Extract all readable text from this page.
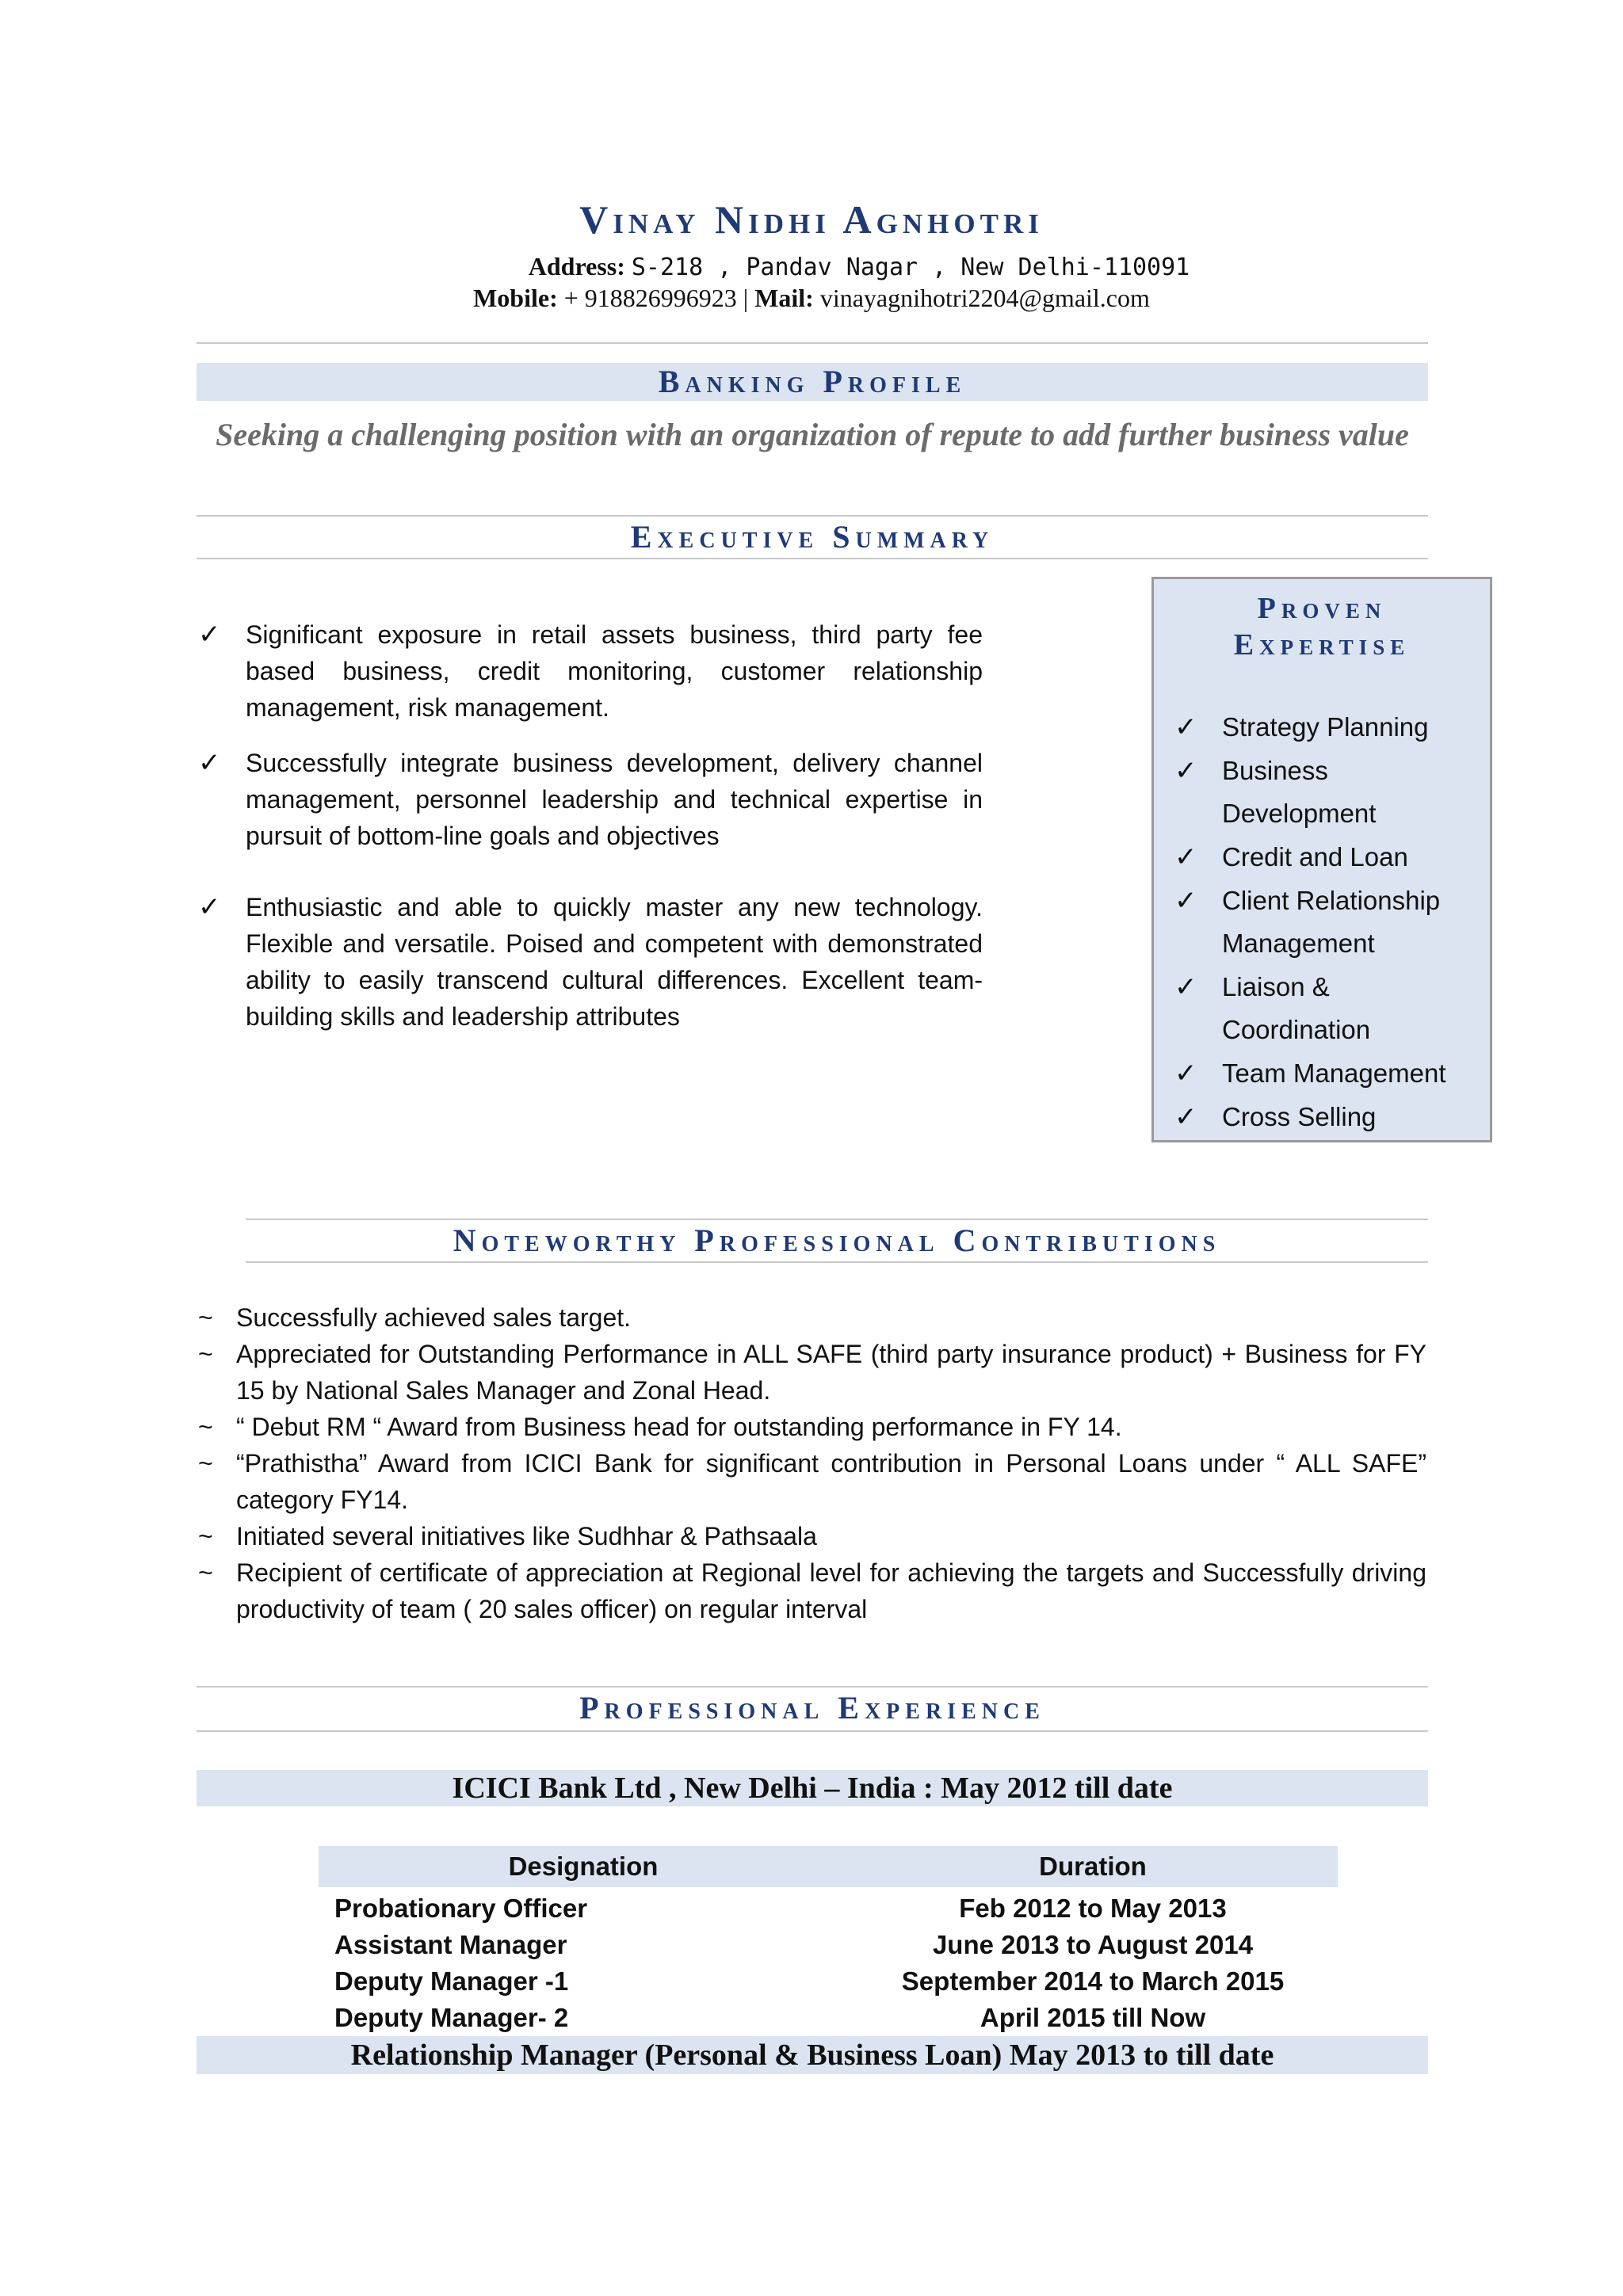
Vinay Nidhi Agnhotri
Address: S-218 , Pandav Nagar , New Delhi-110091
Mobile: + 918826996923 | Mail: vinayagnihotri2204@gmail.com
Banking Profile
Seeking a challenging position with an organization of repute to add further business value
Executive Summary
✓ Significant exposure in retail assets business, third party fee based business, credit monitoring, customer relationship management, risk management.
✓ Successfully integrate business development, delivery channel management, personnel leadership and technical expertise in pursuit of bottom-line goals and objectives
✓ Enthusiastic and able to quickly master any new technology. Flexible and versatile. Poised and competent with demonstrated ability to easily transcend cultural differences. Excellent team-building skills and leadership attributes
Proven
Expertise
✓ Strategy Planning
✓ Business Development
✓ Credit and Loan
✓ Client Relationship Management
✓ Liaison & Coordination
✓ Team Management
✓ Cross Selling
Noteworthy Professional Contributions
~ Successfully achieved sales target.
~ Appreciated for Outstanding Performance in ALL SAFE (third party insurance product) + Business for FY 15 by National Sales Manager and Zonal Head.
~ “ Debut RM “ Award from Business head for outstanding performance in FY 14.
~ “Prathistha” Award from ICICI Bank for significant contribution in Personal Loans under “ ALL SAFE” category FY14.
~ Initiated several initiatives like Sudhhar & Pathsaala
~ Recipient of certificate of appreciation at Regional level for achieving the targets and Successfully driving productivity of team ( 20 sales officer) on regular interval
Professional Experience
ICICI Bank Ltd , New Delhi – India : May 2012 till date
Designation	Duration
Probationary Officer	Feb 2012 to May 2013
Assistant Manager	June 2013 to August 2014
Deputy Manager -1	September 2014 to March 2015
Deputy Manager- 2	April 2015 till Now
Relationship Manager (Personal & Business Loan) May 2013 to till date
